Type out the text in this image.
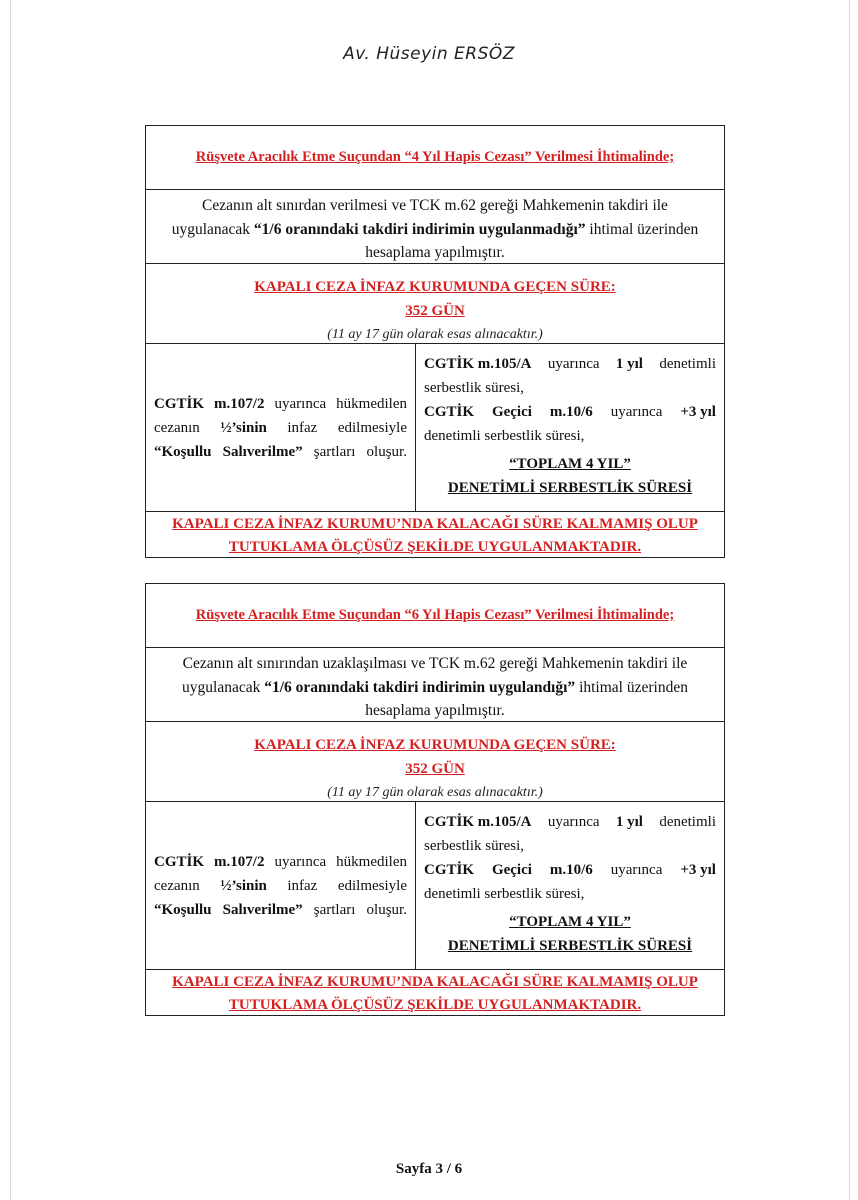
Av. Hüseyin ERSÖZ
Rüşvete Aracılık Etme Suçundan “4 Yıl Hapis Cezası” Verilmesi İhtimalinde;
Cezanın alt sınırdan verilmesi ve TCK m.62 gereği Mahkemenin takdiri ile
uygulanacak “1/6 oranındaki takdiri indirimin uygulanmadığı” ihtimal üzerinden
hesaplama yapılmıştır.
KAPALI CEZA İNFAZ KURUMUNDA GEÇEN SÜRE:
352 GÜN
(11 ay 17 gün olarak esas alınacaktır.)
CGTİK m.107/2 uyarınca hükmedilen cezanın ½’sinin infaz edilmesiyle “Koşullu Salıverilme” şartları oluşur.
CGTİK m.105/A uyarınca 1 yıl denetimli
serbestlik süresi,
CGTİK Geçici m.10/6 uyarınca +3 yıl
denetimli serbestlik süresi,
“TOPLAM 4 YIL”
DENETİMLİ SERBESTLİK SÜRESİ
KAPALI CEZA İNFAZ KURUMU’NDA KALACAĞI SÜRE KALMAMIŞ OLUP
TUTUKLAMA ÖLÇÜSÜZ ŞEKİLDE UYGULANMAKTADIR.
Rüşvete Aracılık Etme Suçundan “6 Yıl Hapis Cezası” Verilmesi İhtimalinde;
Cezanın alt sınırından uzaklaşılması ve TCK m.62 gereği Mahkemenin takdiri ile
uygulanacak “1/6 oranındaki takdiri indirimin uygulandığı” ihtimal üzerinden
hesaplama yapılmıştır.
KAPALI CEZA İNFAZ KURUMUNDA GEÇEN SÜRE:
352 GÜN
(11 ay 17 gün olarak esas alınacaktır.)
CGTİK m.107/2 uyarınca hükmedilen cezanın ½’sinin infaz edilmesiyle “Koşullu Salıverilme” şartları oluşur.
CGTİK m.105/A uyarınca 1 yıl denetimli
serbestlik süresi,
CGTİK Geçici m.10/6 uyarınca +3 yıl
denetimli serbestlik süresi,
“TOPLAM 4 YIL”
DENETİMLİ SERBESTLİK SÜRESİ
KAPALI CEZA İNFAZ KURUMU’NDA KALACAĞI SÜRE KALMAMIŞ OLUP
TUTUKLAMA ÖLÇÜSÜZ ŞEKİLDE UYGULANMAKTADIR.
Sayfa 3 / 6
